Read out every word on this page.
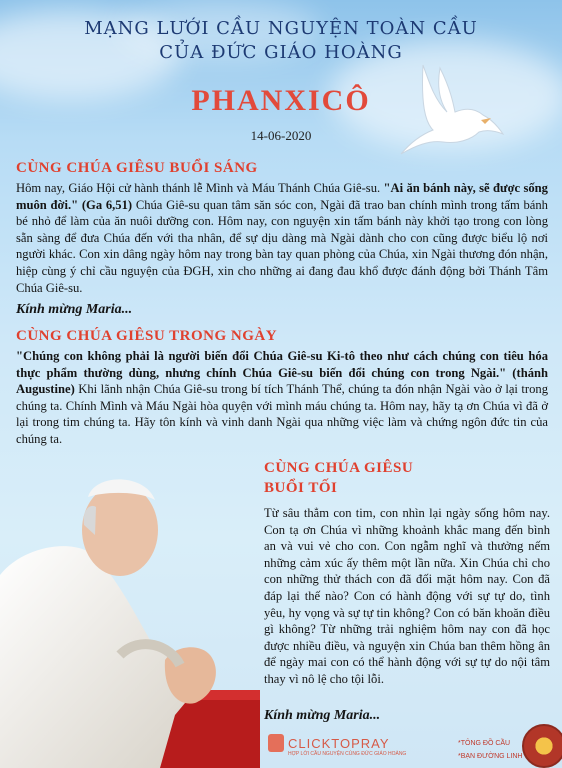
MẠNG LƯỚI CẦU NGUYỆN TOÀN CẦU
CỦA ĐỨC GIÁO HOÀNG
PHANXICÔ
14-06-2020
CÙNG CHÚA GIÊSU BUỔI SÁNG
Hôm nay, Giáo Hội cử hành thánh lễ Mình và Máu Thánh Chúa Giê-su. "Ai ăn bánh này, sẽ được sống muôn đời." (Ga 6,51) Chúa Giê-su quan tâm săn sóc con, Ngài đã trao ban chính mình trong tấm bánh bé nhỏ để làm của ăn nuôi dưỡng con. Hôm nay, con nguyện xin tấm bánh này khởi tạo trong con lòng sẵn sàng để đưa Chúa đến với tha nhân, để sự dịu dàng mà Ngài dành cho con cũng được biểu lộ nơi người khác. Con xin dâng ngày hôm nay trong bàn tay quan phòng của Chúa, xin Ngài thương đón nhận, hiệp cùng ý chỉ cầu nguyện của ĐGH, xin cho những ai đang đau khổ được đánh động bởi Thánh Tâm Chúa Giê-su.
Kính mừng Maria...
CÙNG CHÚA GIÊSU TRONG NGÀY
"Chúng con không phải là người biến đổi Chúa Giê-su Ki-tô theo như cách chúng con tiêu hóa thực phẩm thường dùng, nhưng chính Chúa Giê-su biến đổi chúng con trong Ngài." (thánh Augustine) Khi lãnh nhận Chúa Giê-su trong bí tích Thánh Thể, chúng ta đón nhận Ngài vào ở lại trong chúng ta. Chính Mình và Máu Ngài hòa quyện với mình máu chúng ta. Hôm nay, hãy tạ ơn Chúa vì đã ở lại trong tim chúng ta. Hãy tôn kính và vinh danh Ngài qua những việc làm và chứng ngôn đức tin của chúng ta.
CÙNG CHÚA GIÊSU
BUỔI TỐI
Từ sâu thẳm con tim, con nhìn lại ngày sống hôm nay. Con tạ ơn Chúa vì những khoảnh khắc mang đến bình an và vui vẻ cho con. Con ngẫm nghĩ và thưởng nếm những cảm xúc ấy thêm một lần nữa. Xin Chúa chỉ cho con những thử thách con đã đối mặt hôm nay. Con đã đáp lại thế nào? Con có hành động với sự tự do, tình yêu, hy vọng và sự tự tin không? Con có băn khoăn điều gì không? Từ những trải nghiệm hôm nay con đã học được nhiều điều, và nguyện xin Chúa ban thêm hồng ân để ngày mai con có thể hành động với sự tự do nội tâm thay vì nô lệ cho tội lỗi.
Kính mừng Maria...
CLICKTOPRAY
HỢP LỜI CẦU NGUYỆN CÙNG ĐỨC GIÁO HOÀNG
*TÔNG ĐỒ CẦU
*BẠN ĐƯỜNG LINH
